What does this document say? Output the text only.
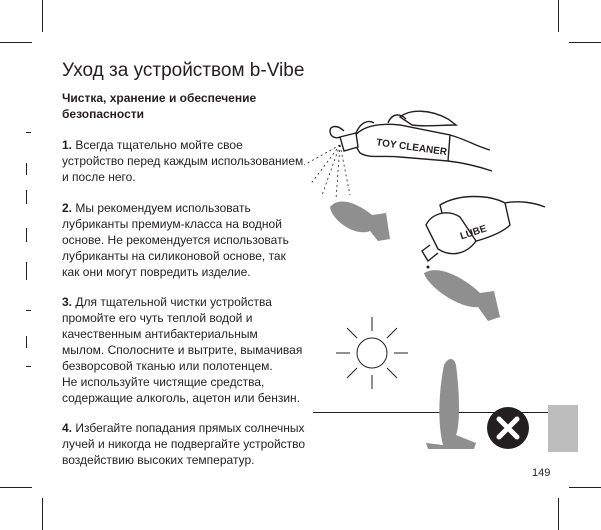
Уход за устройством b-Vibe
Чистка, хранение и обеспечение
безопасности

1. Всегда тщательно мойте свое
устройство перед каждым использованием
и после него.

2. Мы рекомендуем использовать
лубриканты премиум-класса на водной
основе. Не рекомендуется использовать
лубриканты на силиконовой основе, так
как они могут повредить изделие.

3. Для тщательной чистки устройства
промойте его чуть теплой водой и
качественным антибактериальным
мылом. Сполосните и вытрите, вымачивая
безворсовой тканью или полотенцем.
Не используйте чистящие средства,
содержащие алкоголь, ацетон или бензин.

4. Избегайте попадания прямых солнечных
лучей и никогда не подвергайте устройство
воздействию высоких температур.

149
TOY CLEANER
LUBE
